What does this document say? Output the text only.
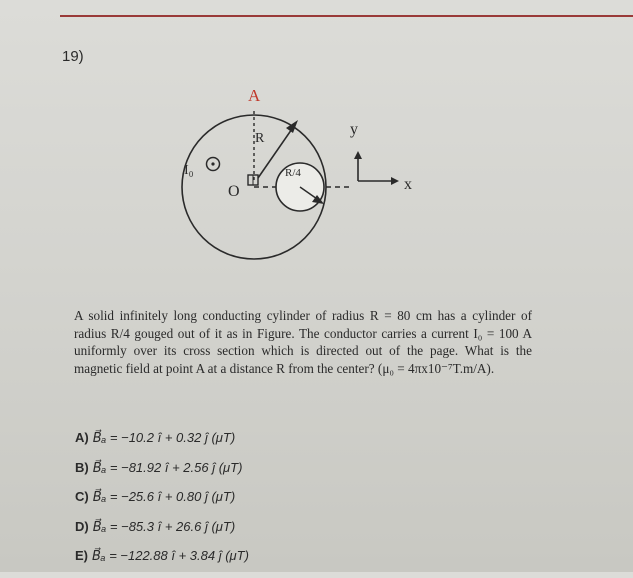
19)
A
R
R/4
I₀
O
y
x

A solid infinitely long conducting cylinder of radius R = 80 cm has a cylinder of radius R/4 gouged out of it as in Figure. The conductor carries a current I₀ = 100 A uniformly over its cross section which is directed out of the page. What is the magnetic field at point A at a distance R from the center? (μ₀ = 4πx10⁻⁷T.m/A).

A) B⃗ₐ = −10.2 î + 0.32 ĵ (μT)
B) B⃗ₐ = −81.92 î + 2.56 ĵ (μT)
C) B⃗ₐ = −25.6 î + 0.80 ĵ (μT)
D) B⃗ₐ = −85.3 î + 26.6 ĵ (μT)
E) B⃗ₐ = −122.88 î + 3.84 ĵ (μT)
